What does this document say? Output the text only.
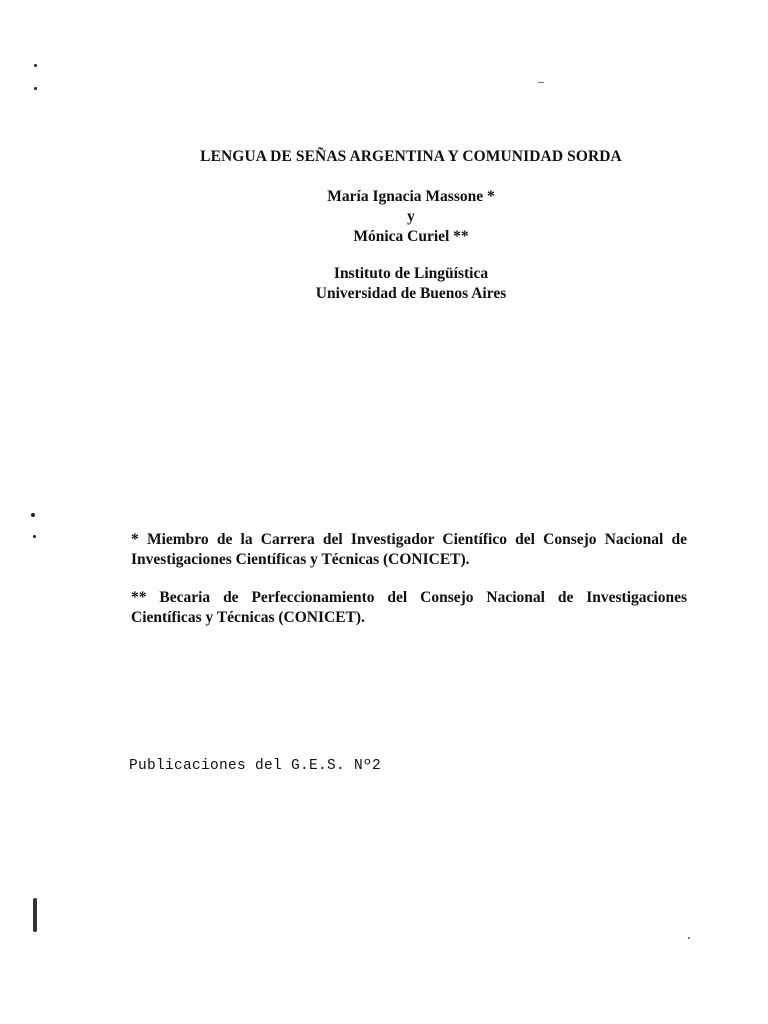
LENGUA DE SEÑAS ARGENTINA Y COMUNIDAD SORDA
María Ignacia Massone *
y
Mónica Curiel **
Instituto de Lingüística
Universidad de Buenos Aires
* Miembro de la Carrera del Investigador Científico del Consejo Nacional de Investigaciones Científicas y Técnicas (CONICET).
** Becaria de Perfeccionamiento del Consejo Nacional de Investigaciones Científicas y Técnicas (CONICET).
Publicaciones del G.E.S. Nº2
